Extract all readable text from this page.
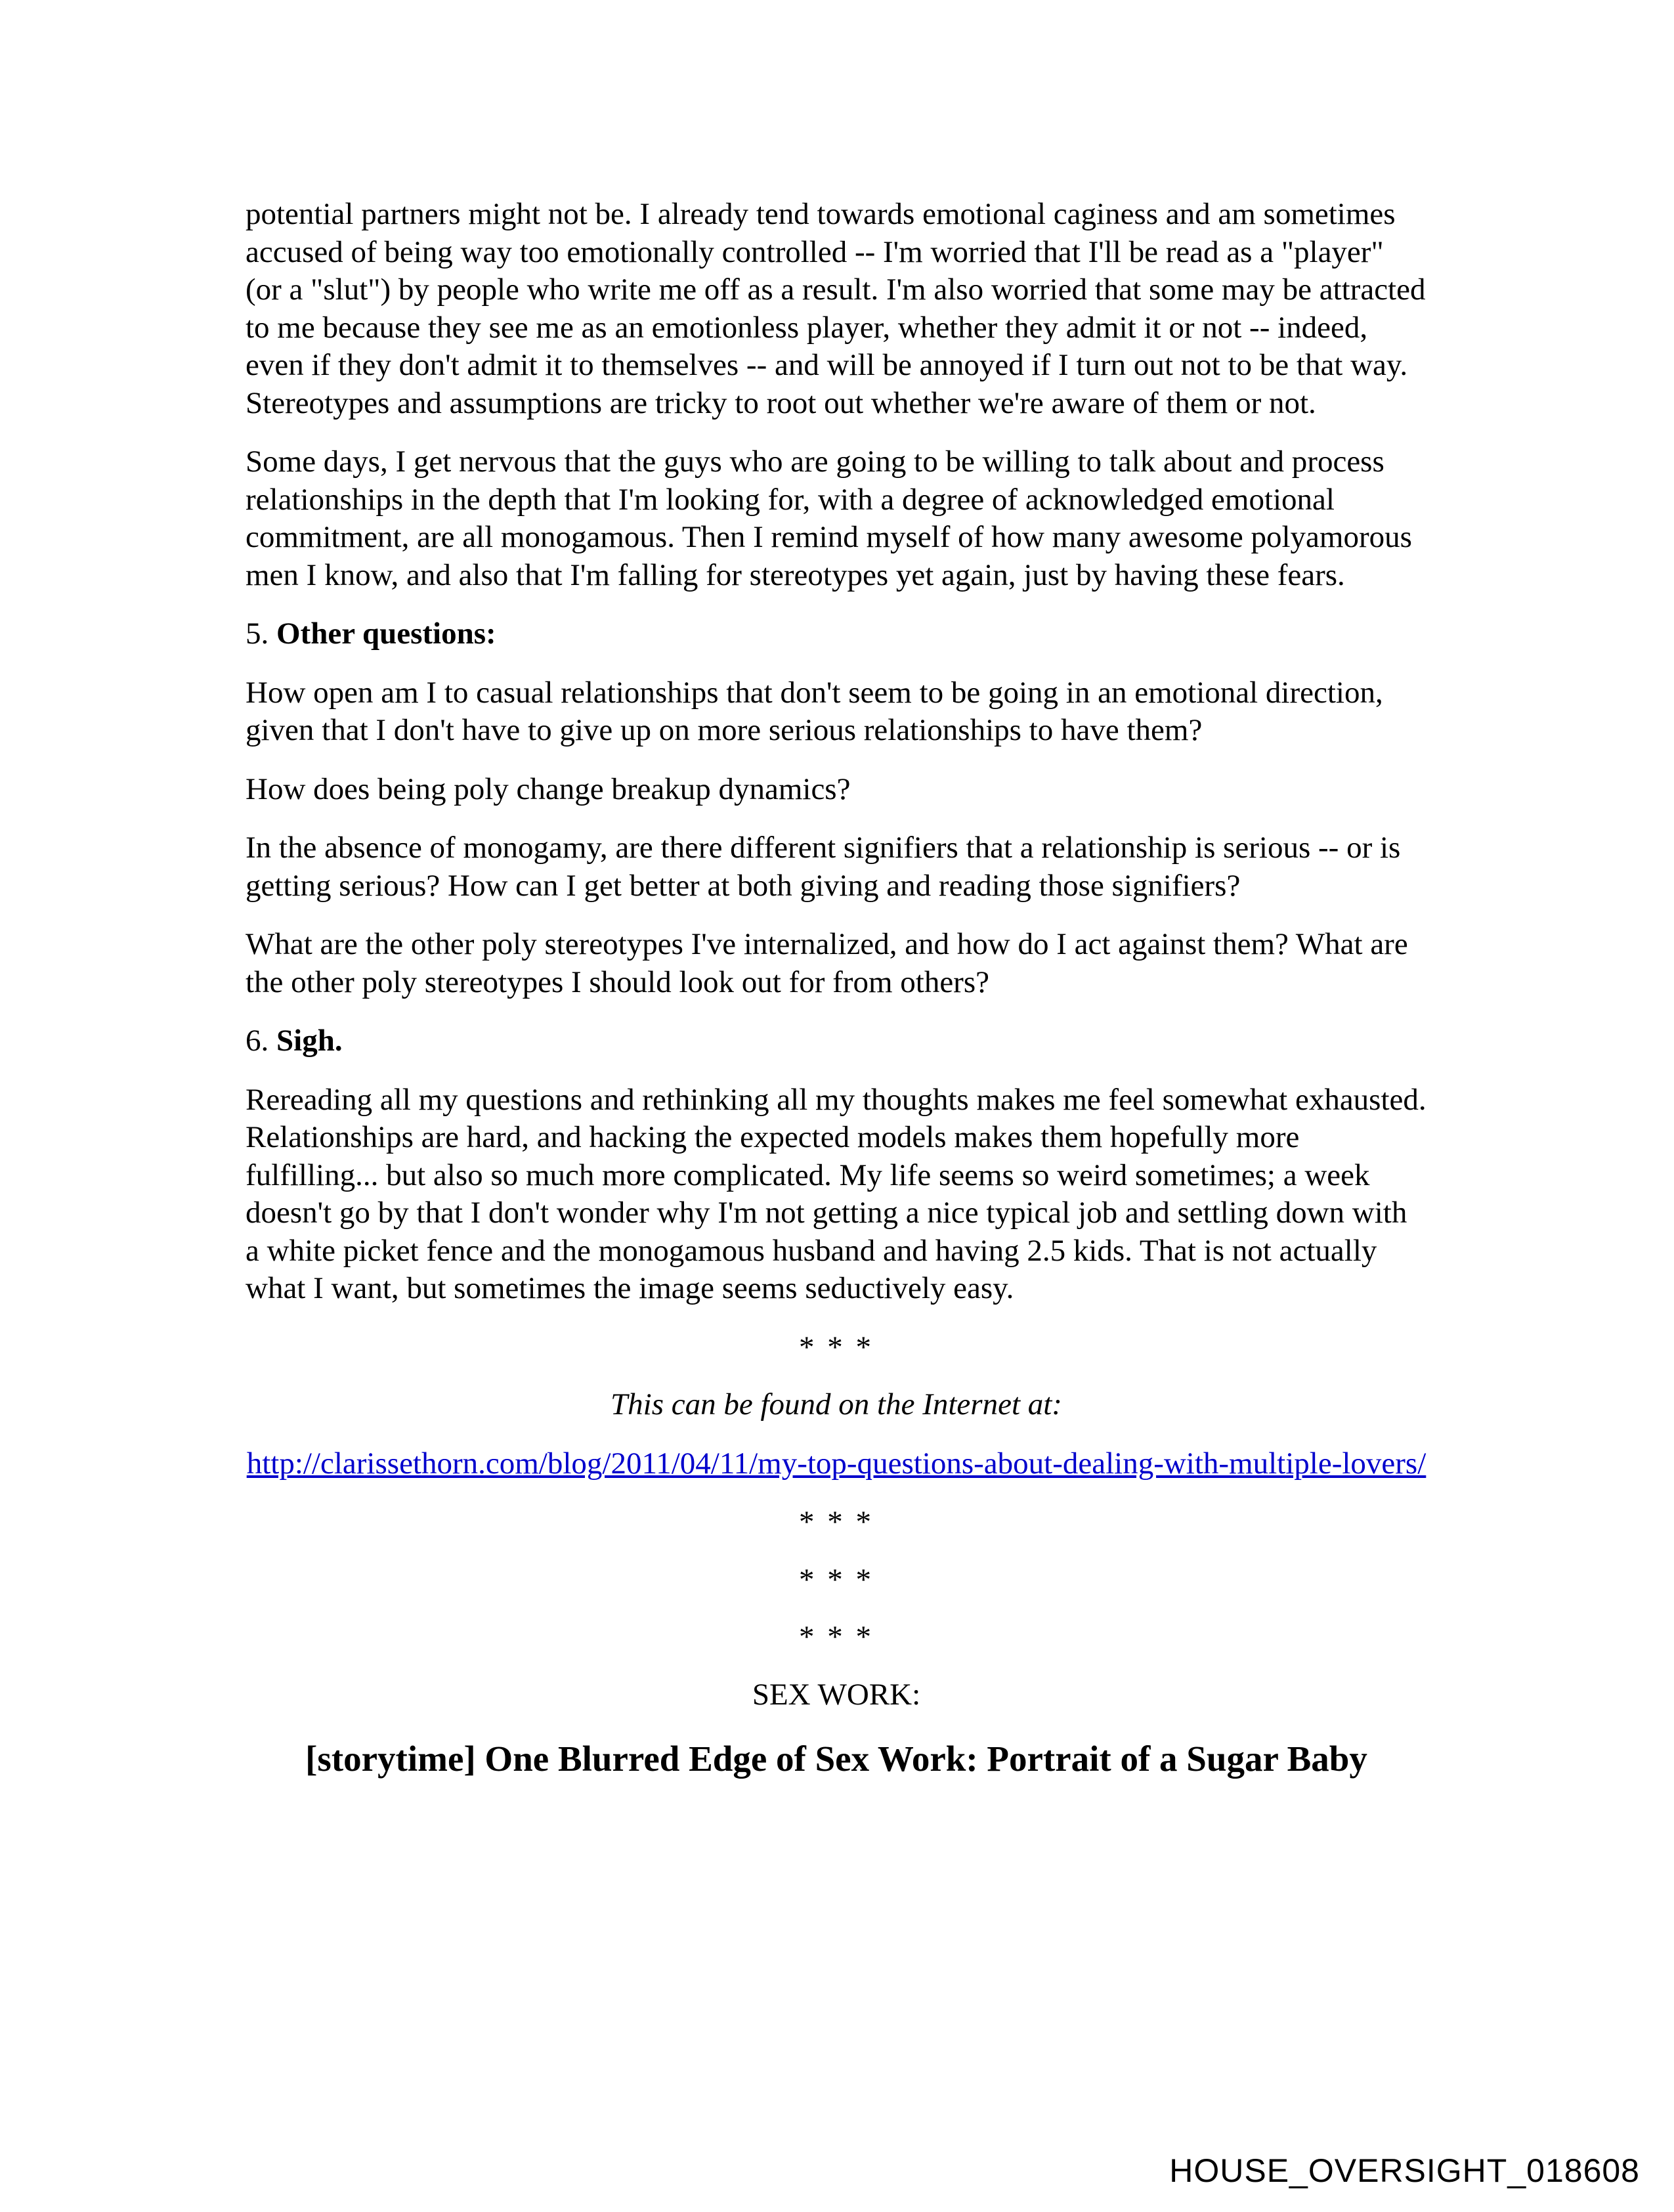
potential partners might not be. I already tend towards emotional caginess and am sometimes accused of being way too emotionally controlled -- I'm worried that I'll be read as a "player" (or a "slut") by people who write me off as a result. I'm also worried that some may be attracted to me because they see me as an emotionless player, whether they admit it or not -- indeed, even if they don't admit it to themselves -- and will be annoyed if I turn out not to be that way. Stereotypes and assumptions are tricky to root out whether we're aware of them or not.

Some days, I get nervous that the guys who are going to be willing to talk about and process relationships in the depth that I'm looking for, with a degree of acknowledged emotional commitment, are all monogamous. Then I remind myself of how many awesome polyamorous men I know, and also that I'm falling for stereotypes yet again, just by having these fears.

5. Other questions:

How open am I to casual relationships that don't seem to be going in an emotional direction, given that I don't have to give up on more serious relationships to have them?

How does being poly change breakup dynamics?

In the absence of monogamy, are there different signifiers that a relationship is serious -- or is getting serious? How can I get better at both giving and reading those signifiers?

What are the other poly stereotypes I've internalized, and how do I act against them? What are the other poly stereotypes I should look out for from others?

6. Sigh.

Rereading all my questions and rethinking all my thoughts makes me feel somewhat exhausted. Relationships are hard, and hacking the expected models makes them hopefully more fulfilling... but also so much more complicated. My life seems so weird sometimes; a week doesn't go by that I don't wonder why I'm not getting a nice typical job and settling down with a white picket fence and the monogamous husband and having 2.5 kids. That is not actually what I want, but sometimes the image seems seductively easy.

* * *

This can be found on the Internet at:

http://clarissethorn.com/blog/2011/04/11/my-top-questions-about-dealing-with-multiple-lovers/

* * *

* * *

* * *

SEX WORK:

[storytime] One Blurred Edge of Sex Work: Portrait of a Sugar Baby
HOUSE_OVERSIGHT_018608
